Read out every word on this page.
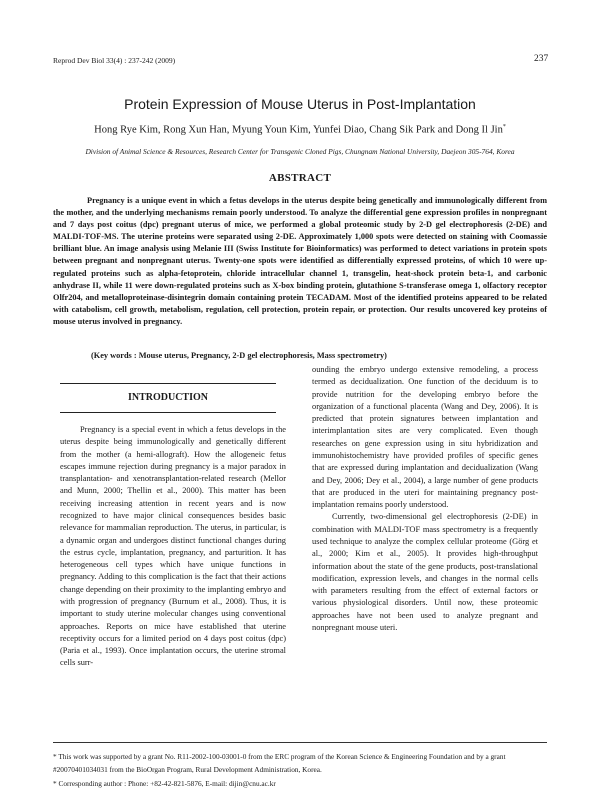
Reprod Dev Biol 33(4) : 237-242 (2009)	237
Protein Expression of Mouse Uterus in Post-Implantation
Hong Rye Kim, Rong Xun Han, Myung Youn Kim, Yunfei Diao, Chang Sik Park and Dong Il Jin*
Division of Animal Science & Resources, Research Center for Transgenic Cloned Pigs, Chungnam National University, Daejeon 305-764, Korea
ABSTRACT

Pregnancy is a unique event in which a fetus develops in the uterus despite being genetically and immunologically different from the mother, and the underlying mechanisms remain poorly understood. To analyze the differential gene expression profiles in nonpregnant and 7 days post coitus (dpc) pregnant uterus of mice, we performed a global proteomic study by 2-D gel electrophoresis (2-DE) and MALDI-TOF-MS. The uterine proteins were separated using 2-DE. Approximately 1,000 spots were detected on staining with Coomassie brilliant blue. An image analysis using Melanie III (Swiss Institute for Bioinformatics) was performed to detect variations in protein spots between pregnant and nonpregnant uterus. Twenty-one spots were identified as differentially expressed proteins, of which 10 were up-regulated proteins such as alpha-fetoprotein, chloride intracellular channel 1, transgelin, heat-shock protein beta-1, and carbonic anhydrase II, while 11 were down-regulated proteins such as X-box binding protein, glutathione S-transferase omega 1, olfactory receptor Olfr204, and metalloproteinase-disintegrin domain containing protein TECADAM. Most of the identified proteins appeared to be related with catabolism, cell growth, metabolism, regulation, cell protection, protein repair, or protection. Our results uncovered key proteins of mouse uterus involved in pregnancy.

(Key words : Mouse uterus, Pregnancy, 2-D gel electrophoresis, Mass spectrometry)

INTRODUCTION

Pregnancy is a special event in which a fetus develops in the uterus despite being immunologically and genetically different from the mother (a hemi-allograft). How the allogeneic fetus escapes immune rejection during pregnancy is a major paradox in transplantation- and xenotransplantation-related research (Mellor and Munn, 2000; Thellin et al., 2000). This matter has been receiving increasing attention in recent years and is now recognized to have major clinical consequences besides basic relevance for mammalian reproduction. The uterus, in particular, is a dynamic organ and undergoes distinct functional changes during the estrus cycle, implantation, pregnancy, and parturition. It has heterogeneous cell types which have unique functions in pregnancy. Adding to this complication is the fact that their actions change depending on their proximity to the implanting embryo and with progression of pregnancy (Burnum et al., 2008). Thus, it is important to study uterine molecular changes using conventional approaches. Reports on mice have established that uterine receptivity occurs for a limited period on 4 days post coitus (dpc) (Paria et al., 1993). Once implantation occurs, the uterine stromal cells surr-

ounding the embryo undergo extensive remodeling, a process termed as decidualization. One function of the deciduum is to provide nutrition for the developing embryo before the organization of a functional placenta (Wang and Dey, 2006). It is predicted that protein signatures between implantation and interimplantation sites are very complicated. Even though researches on gene expression using in situ hybridization and immunohistochemistry have provided profiles of specific genes that are expressed during implantation and decidualization (Wang and Dey, 2006; Dey et al., 2004), a large number of gene products that are produced in the uteri for maintaining pregnancy post-implantation remains poorly understood.

Currently, two-dimensional gel electrophoresis (2-DE) in combination with MALDI-TOF mass spectrometry is a frequently used technique to analyze the complex cellular proteome (Görg et al., 2000; Kim et al., 2005). It provides high-throughput information about the state of the gene products, post-translational modification, expression levels, and changes in the normal cells with parameters resulting from the effect of external factors or various physiological disorders. Until now, these proteomic approaches have not been used to analyze pregnant and nonpregnant mouse uteri.

* This work was supported by a grant No. R11-2002-100-03001-0 from the ERC program of the Korean Science & Engineering Foundation and by a grant #20070401034031 from the BioOrgan Program, Rural Development Administration, Korea.

* Corresponding author : Phone: +82-42-821-5876, E-mail: dijin@cnu.ac.kr
